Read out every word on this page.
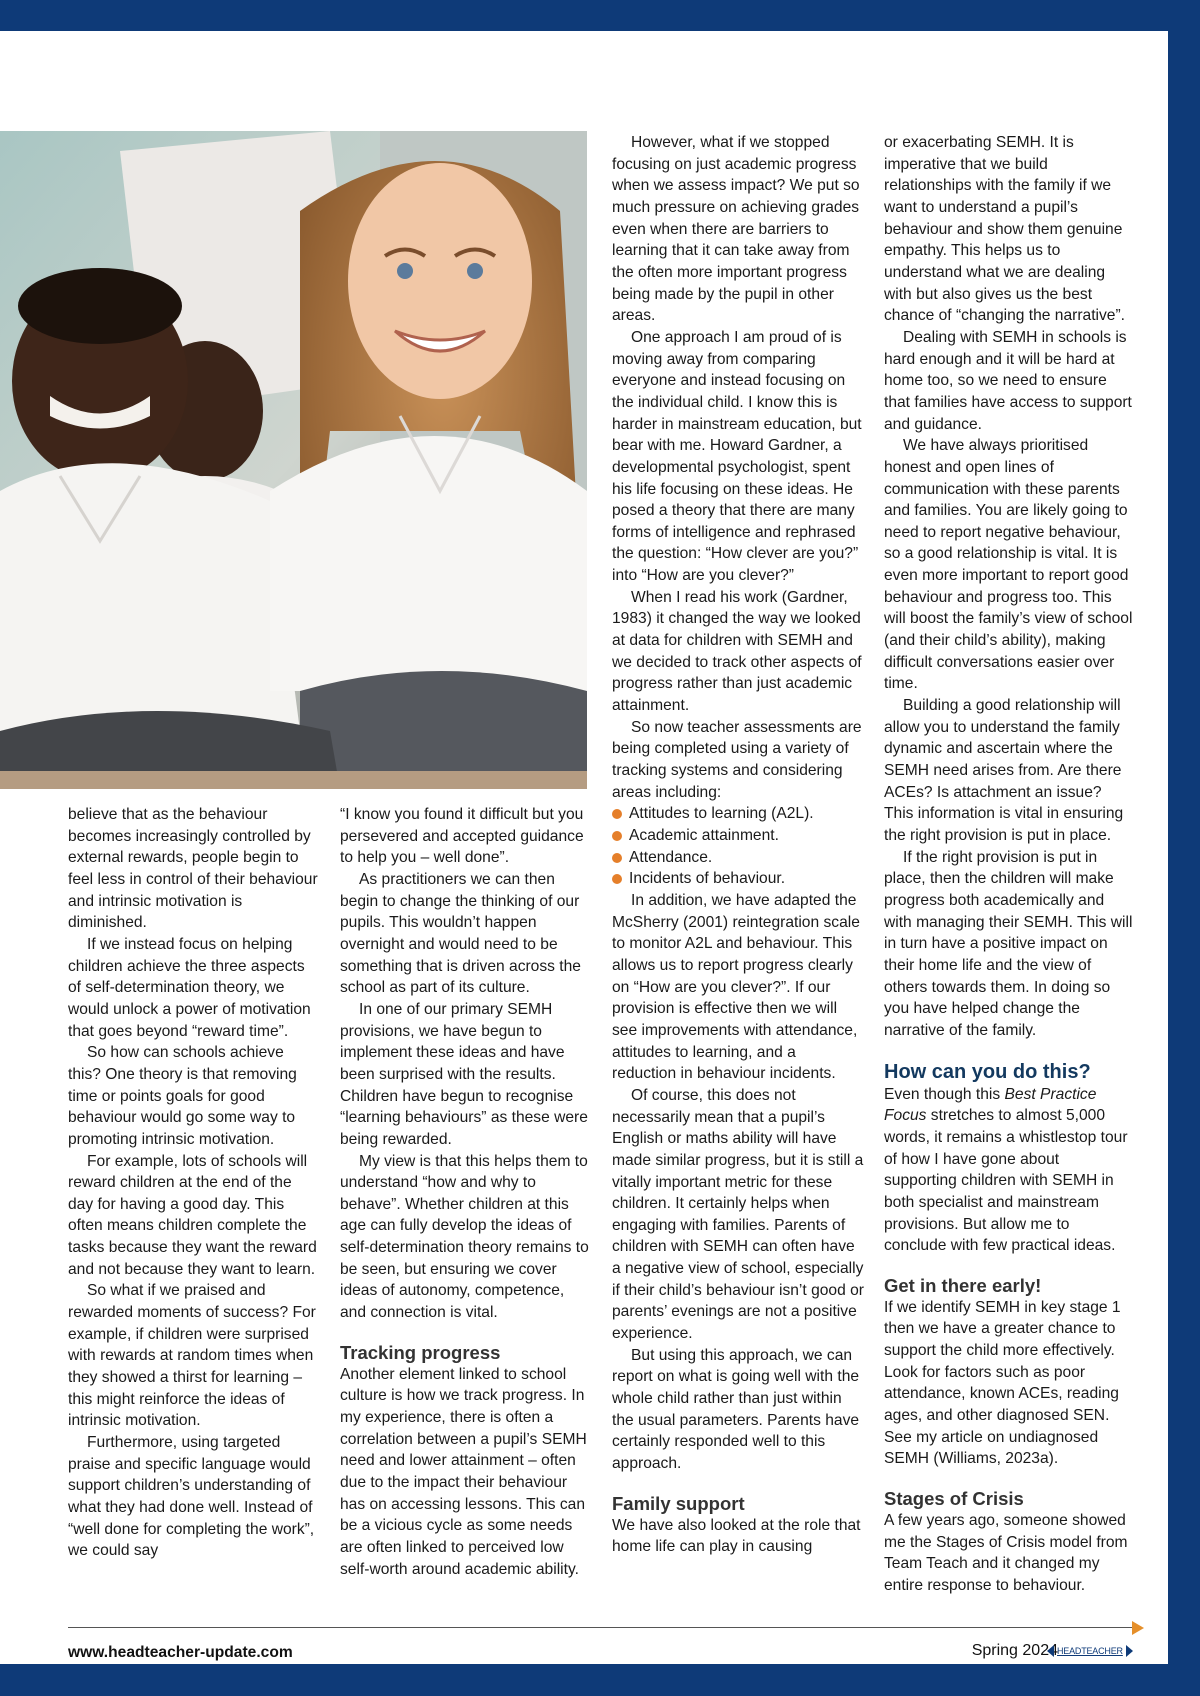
believe that as the behaviour becomes increasingly controlled by external rewards, people begin to feel less in control of their behaviour and intrinsic motivation is diminished.

If we instead focus on helping children achieve the three aspects of self-determination theory, we would unlock a power of motivation that goes beyond “reward time”.

So how can schools achieve this? One theory is that removing time or points goals for good behaviour would go some way to promoting intrinsic motivation.

For example, lots of schools will reward children at the end of the day for having a good day. This often means children complete the tasks because they want the reward and not because they want to learn.

So what if we praised and rewarded moments of success? For example, if children were surprised with rewards at random times when they showed a thirst for learning – this might reinforce the ideas of intrinsic motivation.

Furthermore, using targeted praise and specific language would support children’s understanding of what they had done well. Instead of “well done for completing the work”, we could say

“I know you found it difficult but you persevered and accepted guidance to help you – well done”.

As practitioners we can then begin to change the thinking of our pupils. This wouldn’t happen overnight and would need to be something that is driven across the school as part of its culture.

In one of our primary SEMH provisions, we have begun to implement these ideas and have been surprised with the results. Children have begun to recognise “learning behaviours” as these were being rewarded.

My view is that this helps them to understand “how and why to behave”. Whether children at this age can fully develop the ideas of self-determination theory remains to be seen, but ensuring we cover ideas of autonomy, competence, and connection is vital.

Tracking progress

Another element linked to school culture is how we track progress. In my experience, there is often a correlation between a pupil’s SEMH need and lower attainment – often due to the impact their behaviour has on accessing lessons. This can be a vicious cycle as some needs are often linked to perceived low self-worth around academic ability.

However, what if we stopped focusing on just academic progress when we assess impact? We put so much pressure on achieving grades even when there are barriers to learning that it can take away from the often more important progress being made by the pupil in other areas.

One approach I am proud of is moving away from comparing everyone and instead focusing on the individual child. I know this is harder in mainstream education, but bear with me. Howard Gardner, a developmental psychologist, spent his life focusing on these ideas. He posed a theory that there are many forms of intelligence and rephrased the question: “How clever are you?” into “How are you clever?”

When I read his work (Gardner, 1983) it changed the way we looked at data for children with SEMH and we decided to track other aspects of progress rather than just academic attainment.

So now teacher assessments are being completed using a variety of tracking systems and considering areas including:

Attitudes to learning (A2L).
Academic attainment.
Attendance.
Incidents of behaviour.

In addition, we have adapted the McSherry (2001) reintegration scale to monitor A2L and behaviour. This allows us to report progress clearly on “How are you clever?”. If our provision is effective then we will see improvements with attendance, attitudes to learning, and a reduction in behaviour incidents.

Of course, this does not necessarily mean that a pupil’s English or maths ability will have made similar progress, but it is still a vitally important metric for these children. It certainly helps when engaging with families. Parents of children with SEMH can often have a negative view of school, especially if their child’s behaviour isn’t good or parents’ evenings are not a positive experience.

But using this approach, we can report on what is going well with the whole child rather than just within the usual parameters. Parents have certainly responded well to this approach.

Family support

We have also looked at the role that home life can play in causing

or exacerbating SEMH. It is imperative that we build relationships with the family if we want to understand a pupil’s behaviour and show them genuine empathy. This helps us to understand what we are dealing with but also gives us the best chance of “changing the narrative”.

Dealing with SEMH in schools is hard enough and it will be hard at home too, so we need to ensure that families have access to support and guidance.

We have always prioritised honest and open lines of communication with these parents and families. You are likely going to need to report negative behaviour, so a good relationship is vital. It is even more important to report good behaviour and progress too. This will boost the family’s view of school (and their child’s ability), making difficult conversations easier over time.

Building a good relationship will allow you to understand the family dynamic and ascertain where the SEMH need arises from. Are there ACEs? Is attachment an issue? This information is vital in ensuring the right provision is put in place.

If the right provision is put in place, then the children will make progress both academically and with managing their SEMH. This will in turn have a positive impact on their home life and the view of others towards them. In doing so you have helped change the narrative of the family.

How can you do this?

Even though this Best Practice Focus stretches to almost 5,000 words, it remains a whistlestop tour of how I have gone about supporting children with SEMH in both specialist and mainstream provisions. But allow me to conclude with few practical ideas.

Get in there early!

If we identify SEMH in key stage 1 then we have a greater chance to support the child more effectively. Look for factors such as poor attendance, known ACEs, reading ages, and other diagnosed SEN. See my article on undiagnosed SEMH (Williams, 2023a).

Stages of Crisis

A few years ago, someone showed me the Stages of Crisis model from Team Teach and it changed my entire response to behaviour.

www.headteacher-update.com	Spring 2024 HEADTEACHER
